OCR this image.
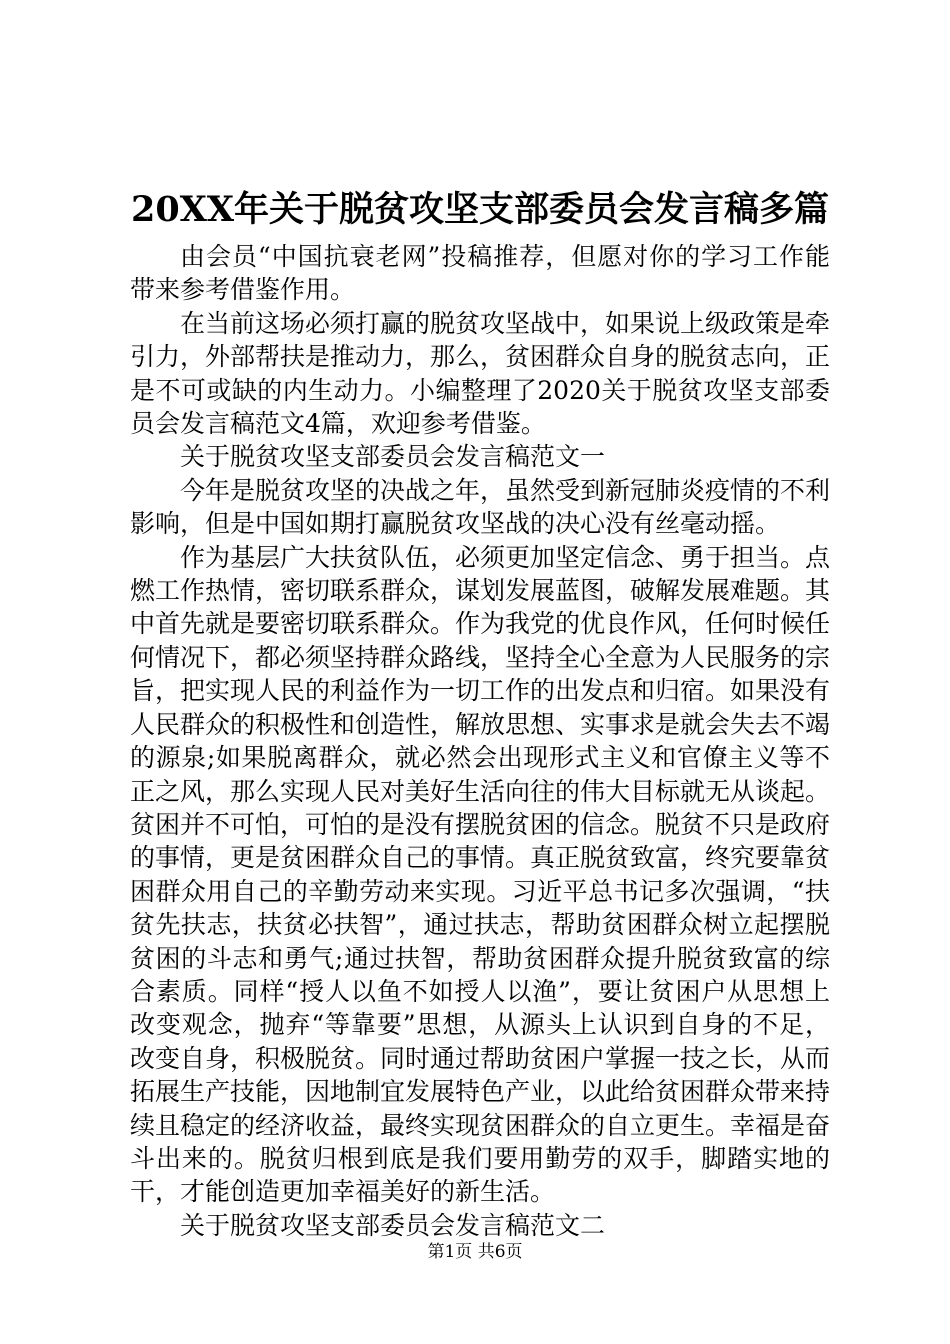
20XX年关于脱贫攻坚支部委员会发言稿多篇

由会员“中国抗衰老网”投稿推荐，但愿对你的学习工作能带来参考借鉴作用。

在当前这场必须打赢的脱贫攻坚战中，如果说上级政策是牵引力，外部帮扶是推动力，那么，贫困群众自身的脱贫志向，正是不可或缺的内生动力。小编整理了2020关于脱贫攻坚支部委员会发言稿范文4篇，欢迎参考借鉴。

关于脱贫攻坚支部委员会发言稿范文一

今年是脱贫攻坚的决战之年，虽然受到新冠肺炎疫情的不利影响，但是中国如期打赢脱贫攻坚战的决心没有丝毫动摇。

作为基层广大扶贫队伍，必须更加坚定信念、勇于担当。点燃工作热情，密切联系群众，谋划发展蓝图，破解发展难题。其中首先就是要密切联系群众。作为我党的优良作风，任何时候任何情况下，都必须坚持群众路线，坚持全心全意为人民服务的宗旨，把实现人民的利益作为一切工作的出发点和归宿。如果没有人民群众的积极性和创造性，解放思想、实事求是就会失去不竭的源泉;如果脱离群众，就必然会出现形式主义和官僚主义等不正之风，那么实现人民对美好生活向往的伟大目标就无从谈起。贫困并不可怕，可怕的是没有摆脱贫困的信念。脱贫不只是政府的事情，更是贫困群众自己的事情。真正脱贫致富，终究要靠贫困群众用自己的辛勤劳动来实现。习近平总书记多次强调，“扶贫先扶志，扶贫必扶智”，通过扶志，帮助贫困群众树立起摆脱贫困的斗志和勇气;通过扶智，帮助贫困群众提升脱贫致富的综合素质。同样“授人以鱼不如授人以渔”，要让贫困户从思想上改变观念，抛弃“等靠要”思想，从源头上认识到自身的不足，改变自身，积极脱贫。同时通过帮助贫困户掌握一技之长，从而拓展生产技能，因地制宜发展特色产业，以此给贫困群众带来持续且稳定的经济收益，最终实现贫困群众的自立更生。幸福是奋斗出来的。脱贫归根到底是我们要用勤劳的双手，脚踏实地的干，才能创造更加幸福美好的新生活。

关于脱贫攻坚支部委员会发言稿范文二

第1页 共6页
